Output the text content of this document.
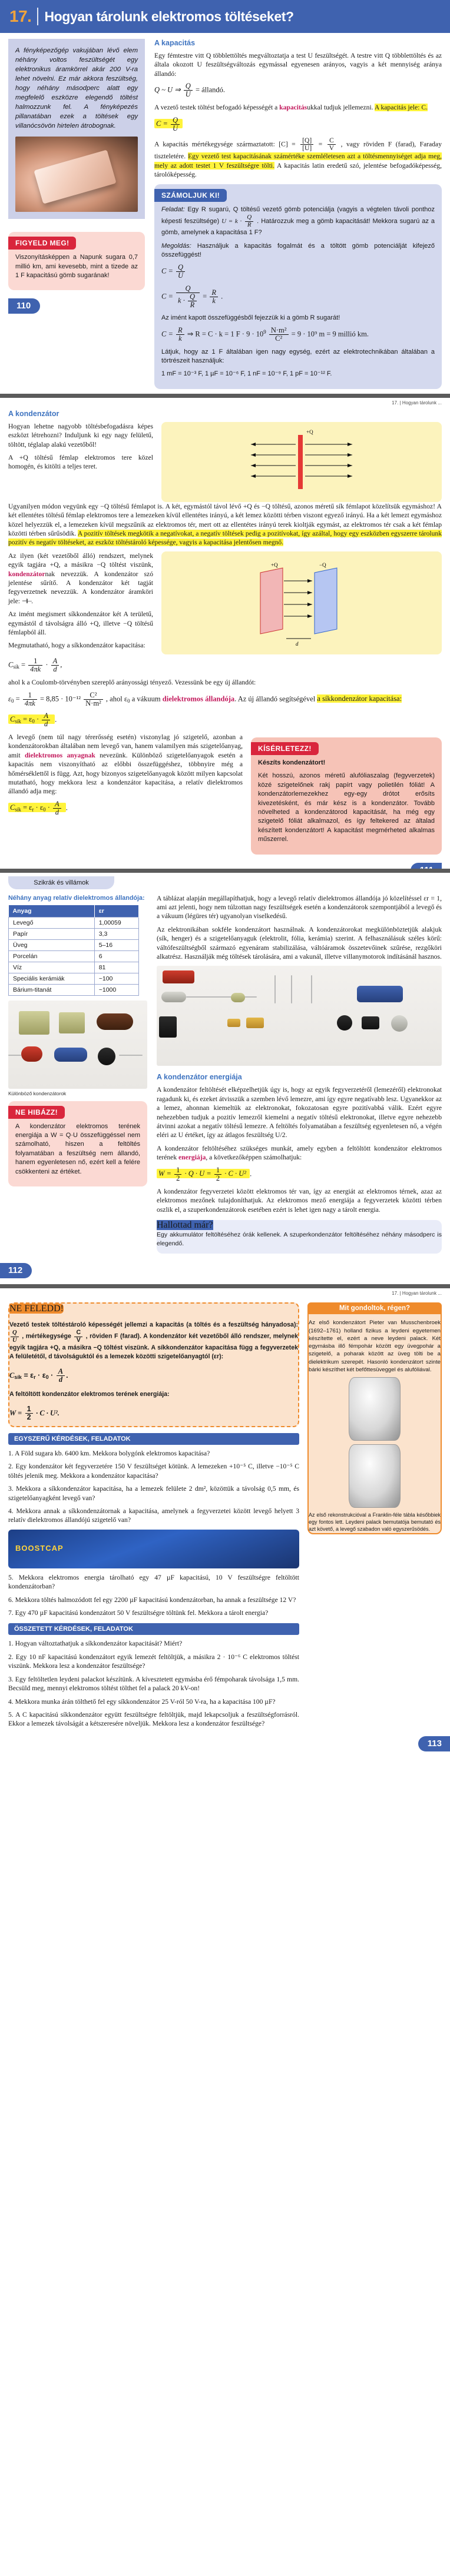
17. Hogyan tárolunk elektromos töltéseket?
A fényképezőgép vakujában lévő elem néhány voltos feszültségét egy elektronikus áramkörrel akár 200 V-ra lehet növelni. Ez már akkora feszültség, hogy néhány másodperc alatt egy megfelelő eszközre elegendő töltést halmozzunk fel. A fényképezés pillanatában ezek a töltések egy villanócsövön hirtelen átrobognak.
FIGYELD MEG!

Viszonyításképpen a Napunk sugara 0,7 millió km, ami kevesebb, mint a tizede az 1 F kapacitású gömb sugarának!

110
A kapacitás

Egy fémtestre vitt Q többlettöltés megváltoztatja a test U feszültségét. A testre vitt Q többlettöltés és az általa okozott U feszültségváltozás egymással egyenesen arányos, vagyis a két mennyiség aránya állandó:

Q ~ U ⇒ $\frac{Q}{U}$ = állandó.

A vezető testek töltést befogadó képességét a kapacitásukkal tudjuk jellemezni. A kapacitás jele: C.

$C = \frac{Q}{U}$

A kapacitás mértékegysége származtatott: $[C] = \frac{[Q]}{[U]} = \frac{C}{V}$ , vagy röviden F (farad), Faraday tiszteletére. Egy vezető test kapacitásának számértéke szemléletesen azt a töltésmennyiséget adja meg, mely az adott testet 1 V feszültségre tölti. A kapacitás latin eredetű szó, jelentése befogadóképesség, tárolóképesség.

SZÁMOLJUK KI!

Feladat: Egy R sugarú, Q töltésű vezető gömb potenciálja (vagyis a végtelen távoli ponthoz képesti feszültsége) $U = k \cdot \frac{Q}{R}$ . Határozzuk meg a gömb kapacitását! Mekkora sugarú az a gömb, amelynek a kapacitása 1 F?

Megoldás: Használjuk a kapacitás fogalmát és a töltött gömb potenciálját kifejező összefüggést!

$C = \frac{Q}{U}$
$C = \frac{Q}{k \cdot \frac{Q}{R}} = \frac{R}{k}$ .

Az imént kapott összefüggésből fejezzük ki a gömb R sugarát!

$C = \frac{R}{k}$ ⇒ R = C · k = 1 $F \cdot 9 \cdot 10^9 \frac{\text{N·m²}}{\text{C²}} = 9 \cdot 10^9$ m = 9 millió km.

Látjuk, hogy az 1 F általában igen nagy egység, ezért az elektrotechnikában általában a törtrészeit használjuk:

1 mF = 10⁻³ F, 1 µF = 10⁻⁶ F, 1 nF = 10⁻⁹ F, 1 pF = 10⁻¹² F.

17. | Hogyan tárolunk ...
A kondenzátor

Hogyan lehetne nagyobb töltésbefogadásra képes eszközt létrehozni? Induljunk ki egy nagy felületű, töltött, téglalap alakú vezetőből!

A +Q töltésű fémlap elektromos tere közel homogén, és kitölti a teljes teret.

+Q

Ugyanilyen módon vegyünk egy −Q töltésű fémlapot is. A két, egymástól távol lévő +Q és −Q töltésű, azonos méretű sík fémlapot közelítsük egymáshoz! A két ellentétes töltésű fémlap elektromos tere a lemezeken kívül ellentétes irányú, a két lemez közötti térben viszont egyező irányú. Ha a két lemezt egymáshoz közel helyezzük el, a lemezeken kívül megszűnik az elektromos tér, mert ott az ellentétes irányú terek kioltják egymást, az elektromos tér csak a két fémlap közötti térben sűrűsödik. A pozitív töltések megkötik a negatívokat, a negatív töltések pedig a pozitívokat, így azáltal, hogy egy eszközben egyszerre tárolunk pozitív és negatív töltéseket, az eszköz töltéstároló képessége, vagyis a kapacitása jelentősen megnő.

Az ilyen (két vezetőből álló) rendszert, melynek egyik tagjára +Q, a másikra −Q töltést viszünk, kondenzátornak nevezzük. A kondenzátor szó jelentése sűrítő. A kondenzátor két tagját fegyverzetnek nevezzük. A kondenzátor áramköri jele: ⊣⊢.

Az imént megismert síkkondenzátor két A területű, egymástól d távolságra álló +Q, illetve −Q töltésű fémlapból áll.

Megmutatható, hogy a síkkondenzátor kapacitása:

+Q	−Q
d
$C_{sík} = \frac{1}{4\pi k} \cdot \frac{A}{d}$ ,

ahol k a Coulomb-törvényben szereplő arányossági tényező. Vezessünk be egy új állandót:

$\varepsilon_0 = \frac{1}{4\pi k} = 8,85 \cdot 10^{-12} \frac{\text{C²}}{\text{N·m²}}$ , ahol $\varepsilon_0$ a vákuum dielektromos állandója. Az új állandó segítségével a síkkondenzátor kapacitása:
$C_{sík} = \varepsilon_0 \cdot \frac{A}{d}$ .

A levegő (nem túl nagy térerősség esetén) viszonylag jó szigetelő, azonban a kondenzátorokban általában nem levegő van, hanem valamilyen más szigetelőanyag, amit dielektromos anyagnak nevezünk. Különböző szigetelőanyagok esetén a kapacitás nem viszonyítható az előbbi összefüggéshez, többnyire még a hőmérséklettől is függ. Azt, hogy bizonyos szigetelőanyagok között milyen kapcsolat mutatható, hogy mekkora lesz a kondenzátor kapacitása, a relatív dielektromos állandó adja meg:

$C_{sík} = \varepsilon_r \cdot \varepsilon_0 \cdot \frac{A}{d}$ .
KÍSÉRLETEZZ!

Készíts kondenzátort!

Két hosszú, azonos méretű alufóliaszalag (fegyverzetek) közé szigetelőnek rakj papírt vagy polietilén fóliát! A kondenzátorlemezekhez egy-egy drótot erősíts kivezetésként, és már kész is a kondenzátor. Tovább növelheted a kondenzátorod kapacitását, ha még egy szigetelő fóliát alkalmazol, és így feltekered az általad készített kondenzátort! A kapacitást megmérheted alkalmas műszerrel.

Szikrák és villámok

Néhány anyag relatív dielektromos állandója:

Anyag	εr
Levegő	1,00059
Papír	3,3
Üveg	5–16
Porcelán	6
Víz	81
Speciális kerámiák	~100
Bárium-titanát	~1000
Különböző kondenzátorok
NE HIBÁZZ!

A kondenzátor elektromos terének energiája a W = Q·U összefüggéssel nem számolható, hiszen a feltöltés folyamatában a feszültség nem állandó, hanem egyenletesen nő, ezért kell a felére csökkenteni az értéket.

A táblázat alapján megállapíthatjuk, hogy a levegő relatív dielektromos állandója jó közelítéssel εr = 1, ami azt jelenti, hogy nem túlzottan nagy feszültségek esetén a kondenzátorok szempontjából a levegő és a vákuum (légüres tér) ugyanolyan viselkedésű.

Az elektronikában sokféle kondenzátort használnak. A kondenzátorokat megkülönböztetjük alakjuk (sík, henger) és a szigetelőanyaguk (elektrolit, fólia, kerámia) szerint. A felhasználásuk széles körű: váltófeszültségből származó egyenáram stabilizálása, váltóáramok összetevőinek szűrése, rezgőköri alkatrész. Használják még töltések tárolására, ami a vakunál, illetve villanymotorok indításánál hasznos.

A kondenzátor energiája

A kondenzátor feltöltését elképzelhetjük úgy is, hogy az egyik fegyverzetéről (lemezéről) elektronokat ragadunk ki, és ezeket átvisszük a szemben lévő lemezre, ami így egyre negatívabb lesz. Ugyanekkor az a lemez, ahonnan kiemeltük az elektronokat, fokozatosan egyre pozitívabbá válik. Ezért egyre nehezebben tudjuk a pozitív lemezről kiemelni a negatív töltésű elektronokat, illetve egyre nehezebb átvinni azokat a negatív töltésű lemezre. A feltöltés folyamatában a feszültség egyenletesen nő, a végén eléri az U értéket, így az átlagos feszültség U/2.

A kondenzátor feltöltéséhez szükséges munkát, amely egyben a feltöltött kondenzátor elektromos terének energiája, a következőképpen számolhatjuk:

$W = \frac{1}{2} \cdot Q \cdot U = \frac{1}{2} \cdot C \cdot U^2$ .

A kondenzátor fegyverzetei között elektromos tér van, így az energiát az elektromos térnek, azaz az elektromos mezőnek tulajdoníthatjuk. Az elektromos mező energiája a fegyverzetek közötti térben oszlik el, a szuperkondenzátorok esetében ezért is lehet igen nagy a tárolt energia.

Hallottad már?

Egy akkumulátor feltöltéséhez órák kellenek. A szuperkondenzátor feltöltéséhez néhány másodperc is elegendő.

112
17. | Hogyan tárolunk ...
NE FELEDD!

Vezető testek töltéstároló képességét jellemzi a kapacitás (a töltés és a feszültség hányadosa):
$\frac{Q}{U}$ , mértékegysége $\frac{C}{V}$ , röviden F (farad). A kondenzátor két vezetőből álló rendszer, melynek egyik tagjára +Q, a másikra −Q töltést viszünk. A síkkondenzátor kapacitása függ a fegyverzetek A felületétől, d távolságuktól és a lemezek közötti szigetelőanyagtól (εr):

$C_{sík} = \varepsilon_r \cdot \varepsilon_0 \cdot \frac{A}{d}$ .

A feltöltött kondenzátor elektromos terének energiája:

$W = \frac{1}{2} \cdot C \cdot U^2$.
EGYSZERŰ KÉRDÉSEK, FELADATOK

1. A Föld sugara kb. 6400 km. Mekkora bolygónk elektromos kapacitása?

2. Egy kondenzátor két fegyverzetére 150 V feszültséget kötünk. A lemezeken +10⁻⁵ C, illetve −10⁻⁵ C töltés jelenik meg. Mekkora a kondenzátor kapacitása?

3. Mekkora a síkkondenzátor kapacitása, ha a lemezek felülete 2 dm², közöttük a távolság 0,5 mm, és szigetelőanyagként levegő van?

4. Mekkora annak a síkkondenzátornak a kapacitása, amelynek a fegyverzetei között levegő helyett 3 relatív dielektromos állandójú szigetelő van?

BOOSTCAP

5. Mekkora elektromos energia tárolható egy 47 µF kapacitású, 10 V feszültségre feltöltött kondenzátorban?

6. Mekkora töltés halmozódott fel egy 2200 µF kapacitású kondenzátorban, ha annak a feszültsége 12 V?

7. Egy 470 µF kapacitású kondenzátort 50 V feszültségre töltünk fel. Mekkora a tárolt energia?

ÖSSZETETT KÉRDÉSEK, FELADATOK

1. Hogyan változtathatjuk a síkkondenzátor kapacitását? Miért?

2. Egy 10 nF kapacitású kondenzátort egyik lemezét feltöltjük, a másikra 2 · 10⁻⁶ C elektromos töltést viszünk. Mekkora lesz a kondenzátor feszültsége?

3. Egy feltöltetlen leydeni palackot készítünk. A kívesztetett egymásba érő fémpoharak távolsága 1,5 mm. Becsüld meg, mennyi elektromos töltést tölthet fel a palack 20 kV-on!

4. Mekkora munka árán tölthető fel egy síkkondenzátor 25 V-ról 50 V-ra, ha a kapacitása 100 µF?

5. A C kapacitású síkkondenzátor együtt feszültségre feltöltjük, majd lekapcsoljuk a feszültségforrásról. Ekkor a lemezek távolságát a kétszeresére növeljük. Mekkora lesz a kondenzátor feszültsége?

Mit gondoltok, régen?

Az első kondenzátort Pieter van Musschenbroek (1692–1761) holland fizikus a leydeni egyetemen készítette el, ezért a neve leydeni palack. Két egymásba illő fémpohár között egy üvegpohár a szigetelő, a poharak között az üveg tölti be a dielektrikum szerepét. Hasonló kondenzátort szinte bárki készíthet két befőttesüveggel és alufóliával.

Az első rekonstrukcióval a Franklin-féle tábla későbbiek egy fontos lett. Leydeni palack bemutatója bemutató és azt követő, a levegő szabadon való egyszerűsödés.

113
